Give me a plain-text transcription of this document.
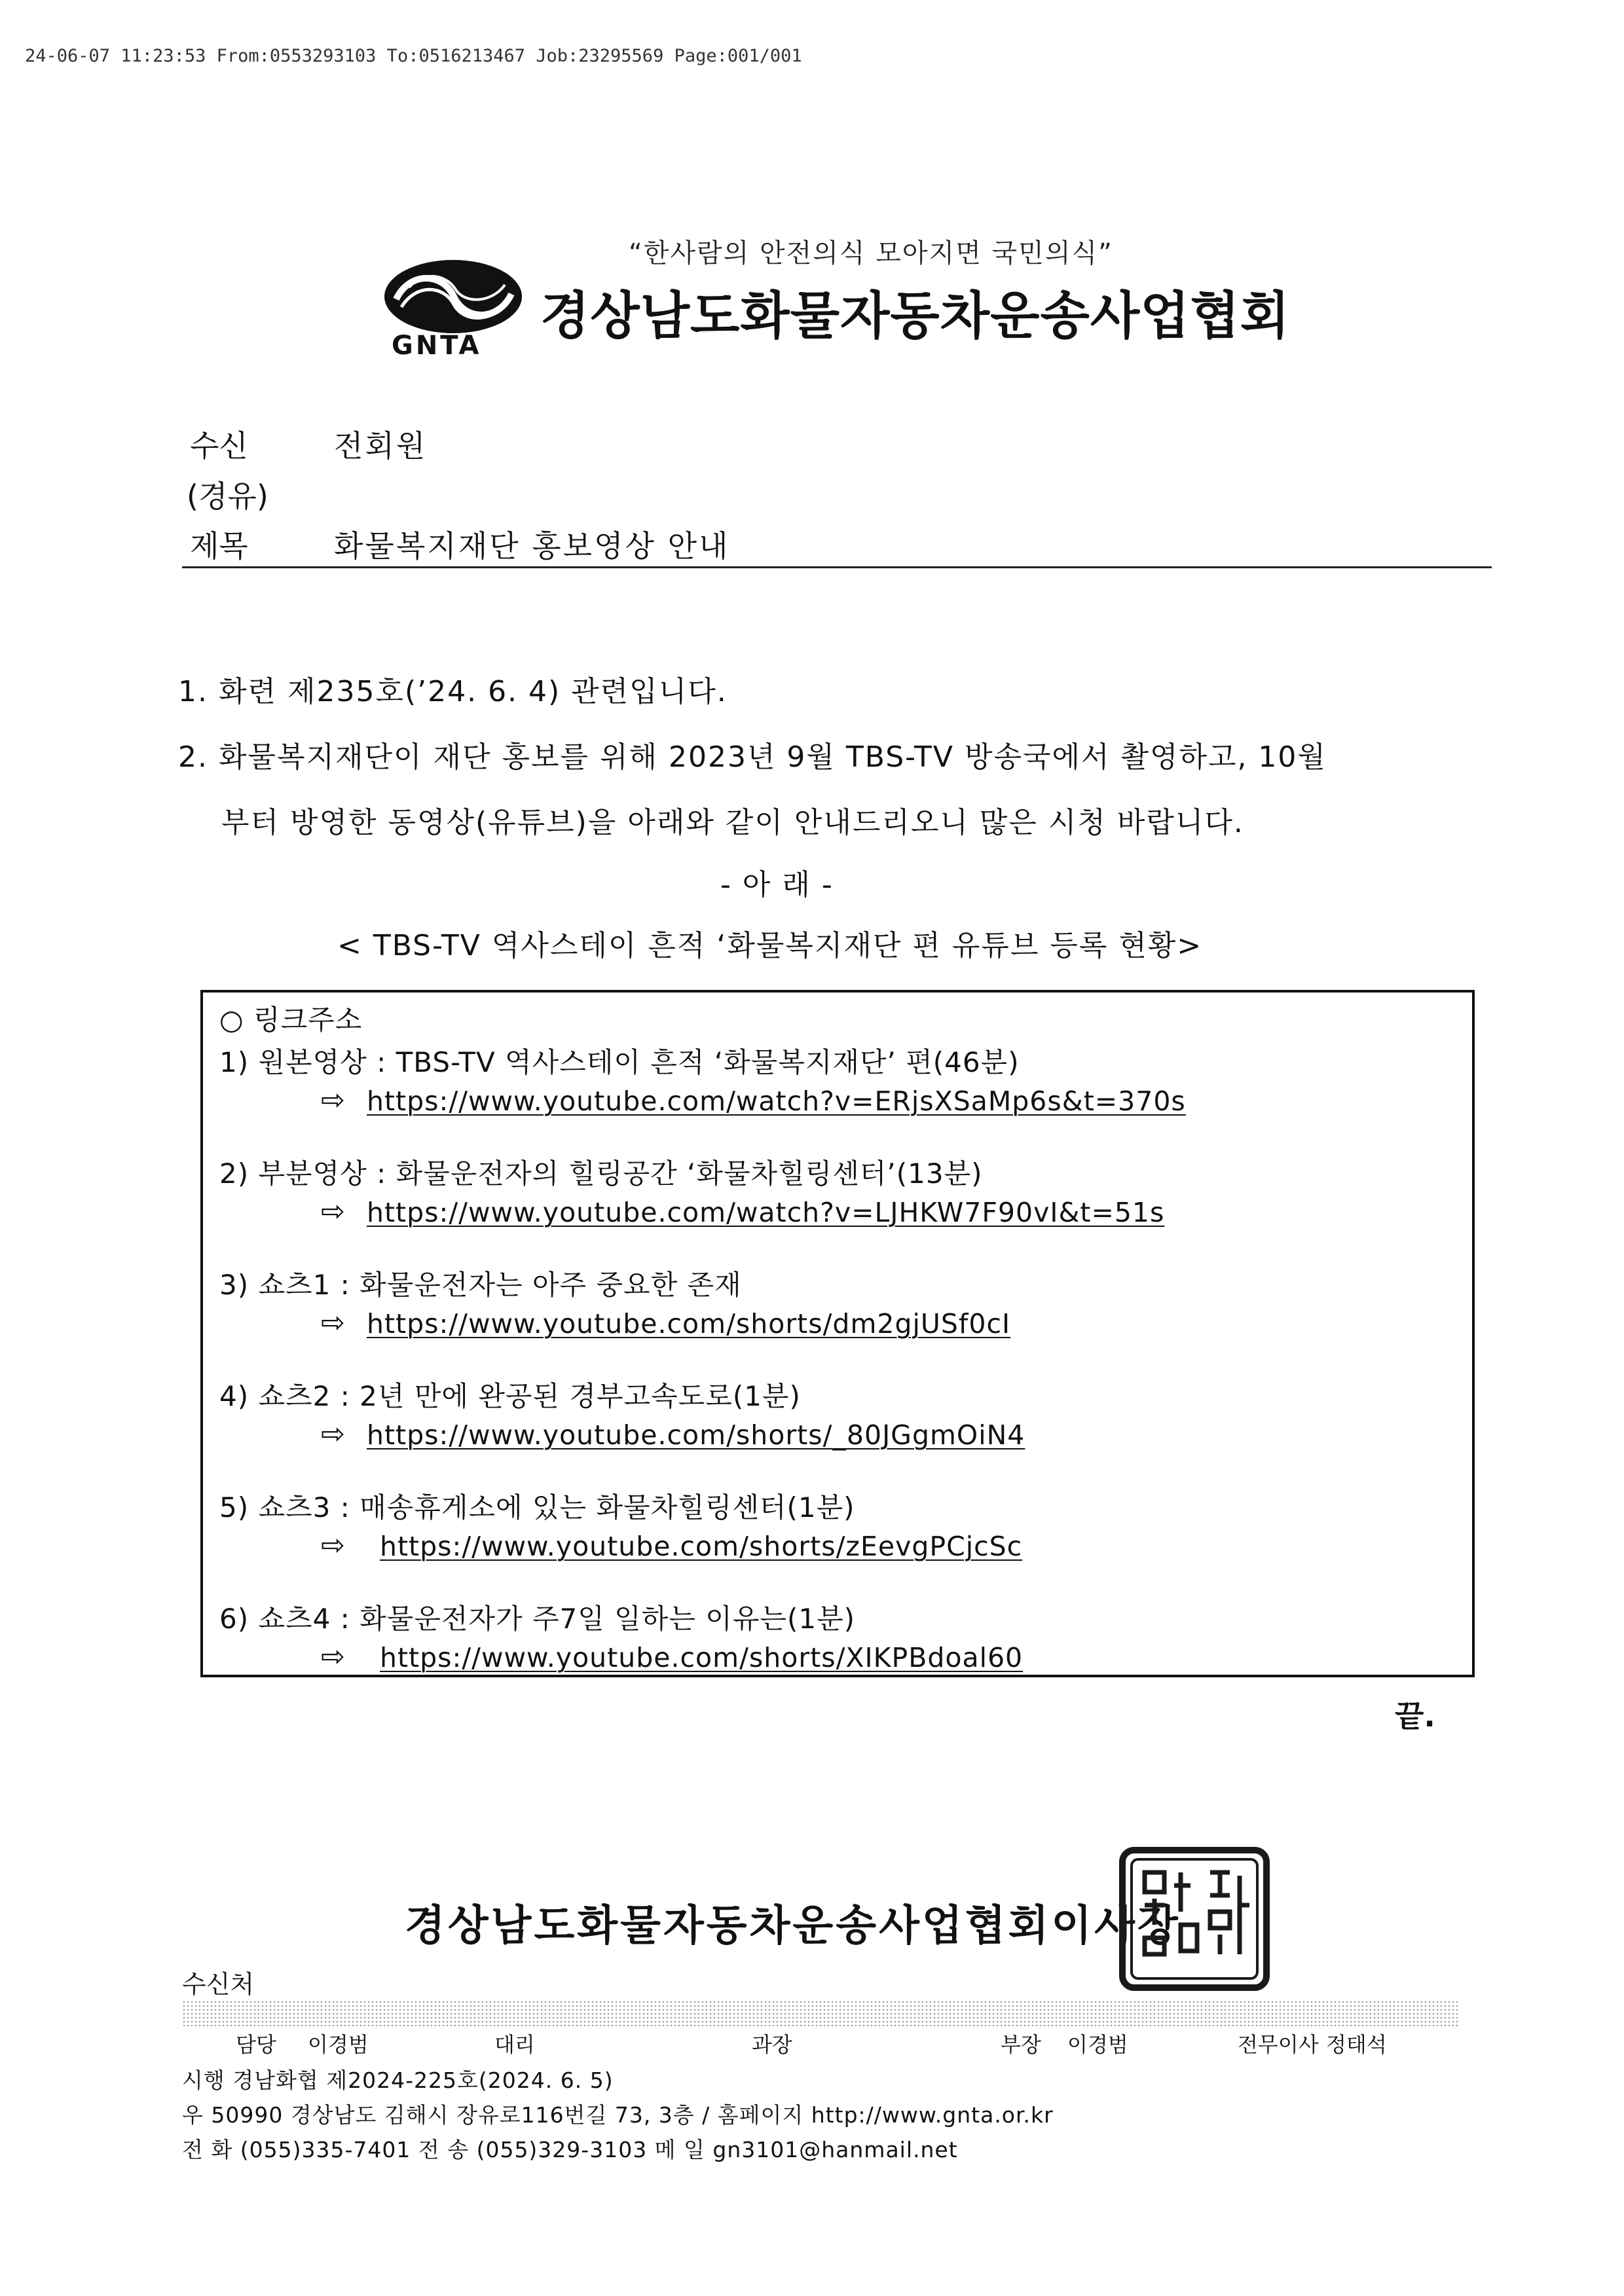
24-06-07 11:23:53 From:0553293103 To:0516213467 Job:23295569 Page:001/001
“한사람의 안전의식 모아지면 국민의식”
GNTA 경상남도화물자동차운송사업협회
수신	전회원
(경유)
제목	화물복지재단 홍보영상 안내
1. 화련 제235호(’24. 6. 4) 관련입니다.
2. 화물복지재단이 재단 홍보를 위해 2023년 9월 TBS-TV 방송국에서 촬영하고, 10월
부터 방영한 동영상(유튜브)을 아래와 같이 안내드리오니 많은 시청 바랍니다.
- 아 래 -
< TBS-TV 역사스테이 흔적 ‘화물복지재단 편 유튜브 등록 현황>
○ 링크주소
1) 원본영상 : TBS-TV 역사스테이 흔적 ‘화물복지재단’ 편(46분)
⇨ https://www.youtube.com/watch?v=ERjsXSaMp6s&t=370s
2) 부분영상 : 화물운전자의 힐링공간 ‘화물차힐링센터’(13분)
⇨ https://www.youtube.com/watch?v=LJHKW7F90vI&t=51s
3) 쇼츠1 : 화물운전자는 아주 중요한 존재
⇨ https://www.youtube.com/shorts/dm2gjUSf0cI
4) 쇼츠2 : 2년 만에 완공된 경부고속도로(1분)
⇨ https://www.youtube.com/shorts/_80JGgmOiN4
5) 쇼츠3 : 매송휴게소에 있는 화물차힐링센터(1분)
⇨ https://www.youtube.com/shorts/zEevgPCjcSc
6) 쇼츠4 : 화물운전자가 주7일 일하는 이유는(1분)
⇨ https://www.youtube.com/shorts/XIKPBdoal60
끝.
경상남도화물자동차운송사업협회이사장
수신처
담당 이경범	대리	과장	부장 이경범	전무이사 정태석
시행 경남화협 제2024-225호(2024. 6. 5)
우 50990 경상남도 김해시 장유로116번길 73, 3층 / 홈페이지 http://www.gnta.or.kr
전 화 (055)335-7401 전 송 (055)329-3103 메 일 gn3101@hanmail.net
